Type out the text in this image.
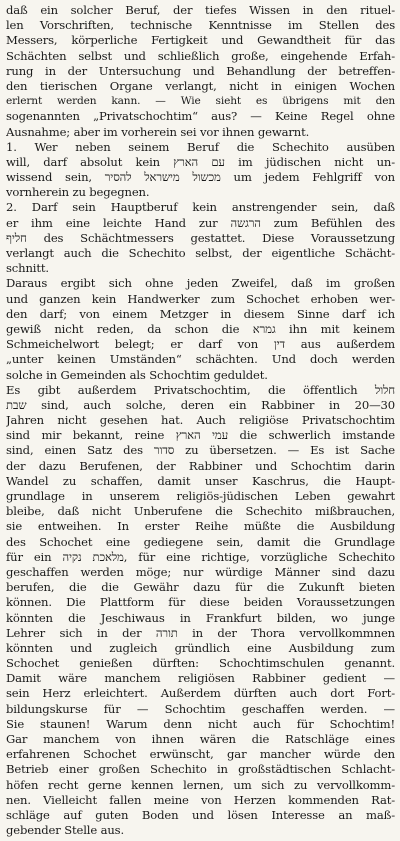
daß ein solcher Beruf, der tiefes Wissen in den rituel-
len Vorschriften, technische Kenntnisse im Stellen des
Messers, körperliche Fertigkeit und Gewandtheit für das
Schächten selbst und schließlich große, eingehende Erfah-
rung in der Untersuchung und Behandlung der betreffen-
den tierischen Organe verlangt, nicht in einigen Wochen
erlernt werden kann. — Wie sieht es übrigens mit den
sogenannten „Privatschochtim“ aus? — Keine Regel ohne
Ausnahme; aber im vorherein sei vor ihnen gewarnt.
1. Wer neben seinem Beruf die Schechito ausüben
will, darf absolut kein עם הארץ im jüdischen nicht un-
wissend sein, מכשול מישראל להסיר um jedem Fehlgriff von
vornherein zu begegnen.
2. Darf sein Hauptberuf kein anstrengender sein, daß
er ihm eine leichte Hand zur הרגשה zum Befühlen des
חליף des Schächtmessers gestattet. Diese Voraussetzung
verlangt auch die Schechito selbst, der eigentliche Schächt-
schnitt.
Daraus ergibt sich ohne jeden Zweifel, daß im großen
und ganzen kein Handwerker zum Schochet erhoben wer-
den darf; von einem Metzger in diesem Sinne darf ich
gewiß nicht reden, da schon die גמרא ihn mit keinem
Schmeichelwort belegt; er darf von דין aus außerdem
„unter keinen Umständen“ schächten. Und doch werden
solche in Gemeinden als Schochtim geduldet.
Es gibt außerdem Privatschochtim, die öffentlich חלול
שבת sind, auch solche, deren ein Rabbiner in 20—30
Jahren nicht gesehen hat. Auch religiöse Privatschochtim
sind mir bekannt, reine עמי הארץ die schwerlich imstande
sind, einen Satz des סדור zu übersetzen. — Es ist Sache
der dazu Berufenen, der Rabbiner und Schochtim darin
Wandel zu schaffen, damit unser Kaschrus, die Haupt-
grundlage in unserem religiös-jüdischen Leben gewahrt
bleibe, daß nicht Unberufene die Schechito mißbrauchen,
sie entweihen. In erster Reihe müßte die Ausbildung
des Schochet eine gediegene sein, damit die Grundlage
für ein מלאכת נקיה, für eine richtige, vorzügliche Schechito
geschaffen werden möge; nur würdige Männer sind dazu
berufen, die die Gewähr dazu für die Zukunft bieten
können. Die Plattform für diese beiden Voraussetzungen
könnten die Jeschiwaus in Frankfurt bilden, wo junge
Lehrer sich in der תורה in der Thora vervollkommnen
könnten und zugleich gründlich eine Ausbildung zum
Schochet genießen dürften: Schochtimschulen genannt.
Damit wäre manchem religiösen Rabbiner gedient —
sein Herz erleichtert. Außerdem dürften auch dort Fort-
bildungskurse für — Schochtim geschaffen werden. —
Sie staunen! Warum denn nicht auch für Schochtim!
Gar manchem von ihnen wären die Ratschläge eines
erfahrenen Schochet erwünscht, gar mancher würde den
Betrieb einer großen Schechito in großstädtischen Schlacht-
höfen recht gerne kennen lernen, um sich zu vervollkomm-
nen. Vielleicht fallen meine von Herzen kommenden Rat-
schläge auf guten Boden und lösen Interesse an maß-
gebender Stelle aus.
